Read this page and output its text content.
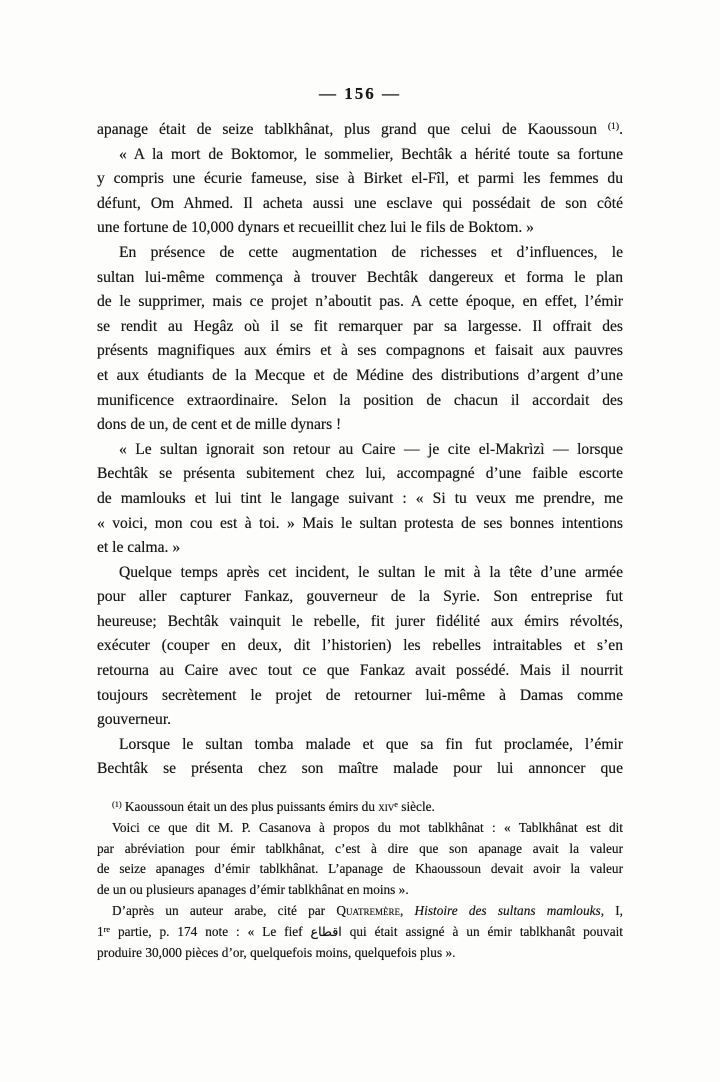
— 156 —
apanage était de seize tablkhânat, plus grand que celui de Kaoussoun $^{(1)}$.
« A la mort de Boktomor, le sommelier, Bechtâk a hérité toute sa fortune
y compris une écurie fameuse, sise à Birket el-Fîl, et parmi les femmes du
défunt, Om Ahmed. Il acheta aussi une esclave qui possédait de son côté
une fortune de 10,000 dynars et recueillit chez lui le fils de Boktom. »
En présence de cette augmentation de richesses et d’influences, le
sultan lui-même commença à trouver Bechtâk dangereux et forma le plan
de le supprimer, mais ce projet n’aboutit pas. A cette époque, en effet, l’émir
se rendit au Hegâz où il se fit remarquer par sa largesse. Il offrait des
présents magnifiques aux émirs et à ses compagnons et faisait aux pauvres
et aux étudiants de la Mecque et de Médine des distributions d’argent d’une
munificence extraordinaire. Selon la position de chacun il accordait des
dons de un, de cent et de mille dynars !
« Le sultan ignorait son retour au Caire — je cite el-Makrìzì — lorsque
Bechtâk se présenta subitement chez lui, accompagné d’une faible escorte
de mamlouks et lui tint le langage suivant : « Si tu veux me prendre, me
« voici, mon cou est à toi. » Mais le sultan protesta de ses bonnes intentions
et le calma. »
Quelque temps après cet incident, le sultan le mit à la tête d’une armée
pour aller capturer Fankaz, gouverneur de la Syrie. Son entreprise fut
heureuse; Bechtâk vainquit le rebelle, fit jurer fidélité aux émirs révoltés,
exécuter (couper en deux, dit l’historien) les rebelles intraitables et s’en
retourna au Caire avec tout ce que Fankaz avait possédé. Mais il nourrit
toujours secrètement le projet de retourner lui-même à Damas comme
gouverneur.
Lorsque le sultan tomba malade et que sa fin fut proclamée, l’émir
Bechtâk se présenta chez son maître malade pour lui annoncer que
$^{(1)}$ Kaoussoun était un des plus puissants émirs du xiv$^e$ siècle.
Voici ce que dit M. P. Casanova à propos du mot tablkhânat : « Tablkhânat est dit
par abréviation pour émir tablkhânat, c’est à dire que son apanage avait la valeur
de seize apanages d’émir tablkhânat. L’apanage de Khaoussoun devait avoir la valeur
de un ou plusieurs apanages d’émir tablkhânat en moins ».
D’après un auteur arabe, cité par Quatremère, Histoire des sultans mamlouks, I,
1re partie, p. 174 note : « Le fief اقطاع qui était assigné à un émir tablkhanât pouvait
produire 30,000 pièces d’or, quelquefois moins, quelquefois plus ».
